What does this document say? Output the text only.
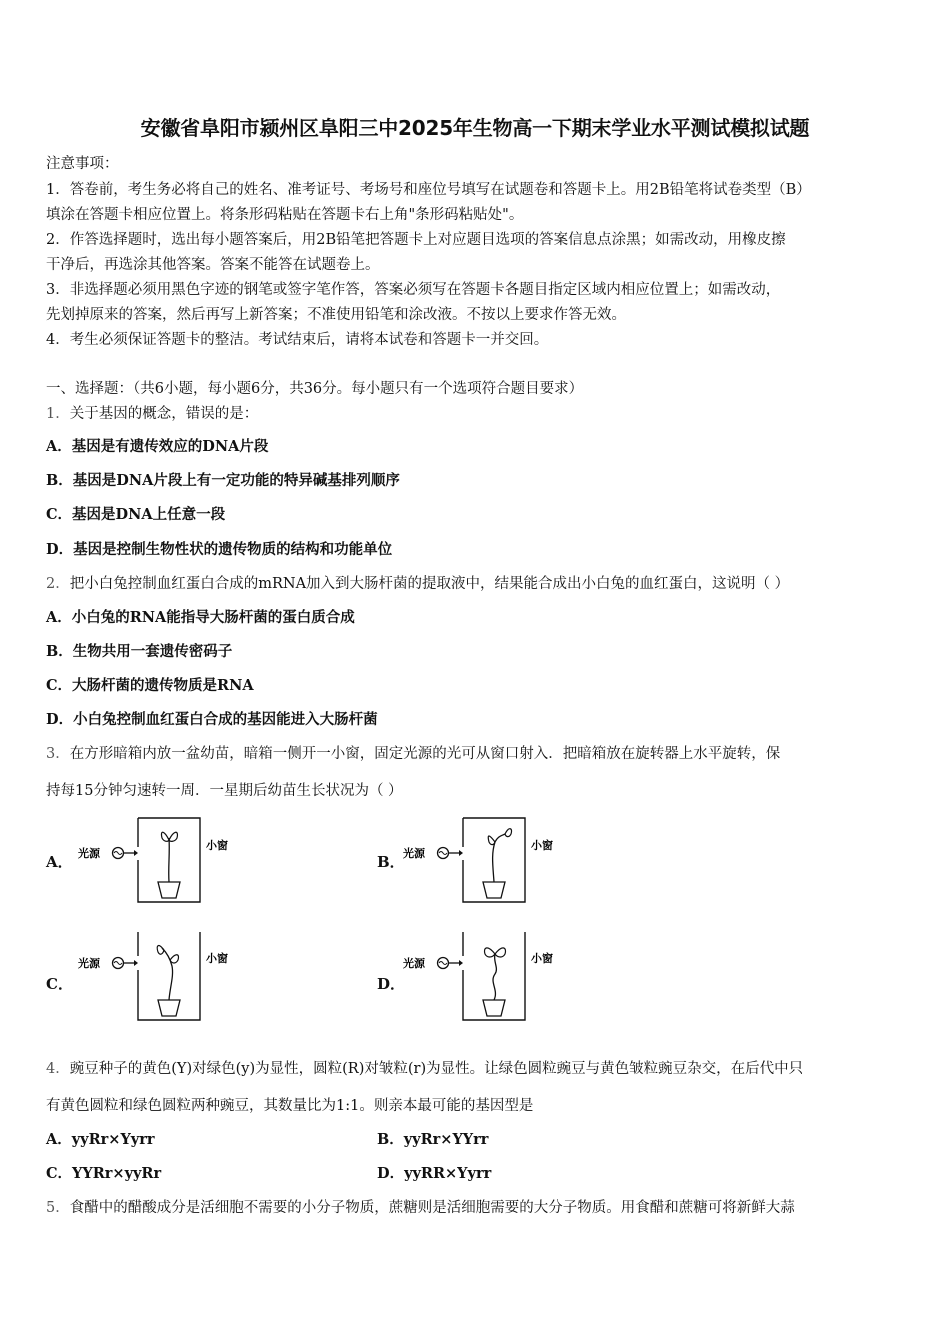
安徽省阜阳市颍州区阜阳三中2025年生物高一下期末学业水平测试模拟试题
注意事项：
1．答卷前，考生务必将自己的姓名、准考证号、考场号和座位号填写在试题卷和答题卡上。用2B铅笔将试卷类型（B）
填涂在答题卡相应位置上。将条形码粘贴在答题卡右上角"条形码粘贴处"。
2．作答选择题时，选出每小题答案后，用2B铅笔把答题卡上对应题目选项的答案信息点涂黑；如需改动，用橡皮擦
干净后，再选涂其他答案。答案不能答在试题卷上。
3．非选择题必须用黑色字迹的钢笔或签字笔作答，答案必须写在答题卡各题目指定区域内相应位置上；如需改动，
先划掉原来的答案，然后再写上新答案；不准使用铅笔和涂改液。不按以上要求作答无效。
4．考生必须保证答题卡的整洁。考试结束后，请将本试卷和答题卡一并交回。
一、选择题：（共6小题，每小题6分，共36分。每小题只有一个选项符合题目要求）
1．关于基因的概念，错误的是：
A．基因是有遗传效应的DNA片段
B．基因是DNA片段上有一定功能的特异碱基排列顺序
C．基因是DNA上任意一段
D．基因是控制生物性状的遗传物质的结构和功能单位
2．把小白兔控制血红蛋白合成的mRNA加入到大肠杆菌的提取液中，结果能合成出小白兔的血红蛋白，这说明（ ）
A．小白兔的RNA能指导大肠杆菌的蛋白质合成
B．生物共用一套遗传密码子
C．大肠杆菌的遗传物质是RNA
D．小白兔控制血红蛋白合成的基因能进入大肠杆菌
3．在方形暗箱内放一盆幼苗，暗箱一侧开一小窗，固定光源的光可从窗口射入．把暗箱放在旋转器上水平旋转，保
持每15分钟匀速转一周．一星期后幼苗生长状况为（ ）
A．	B．
C．	D．
光源
小窗
光源
小窗
光源	小窗	光源	小窗
4．豌豆种子的黄色(Y)对绿色(y)为显性，圆粒(R)对皱粒(r)为显性。让绿色圆粒豌豆与黄色皱粒豌豆杂交，在后代中只
有黄色圆粒和绿色圆粒两种豌豆，其数量比为1:1。则亲本最可能的基因型是
A．yyRr×Yyrr	B．yyRr×YYrr
C．YYRr×yyRr	D．yyRR×Yyrr
5．食醋中的醋酸成分是活细胞不需要的小分子物质，蔗糖则是活细胞需要的大分子物质。用食醋和蔗糖可将新鲜大蒜
